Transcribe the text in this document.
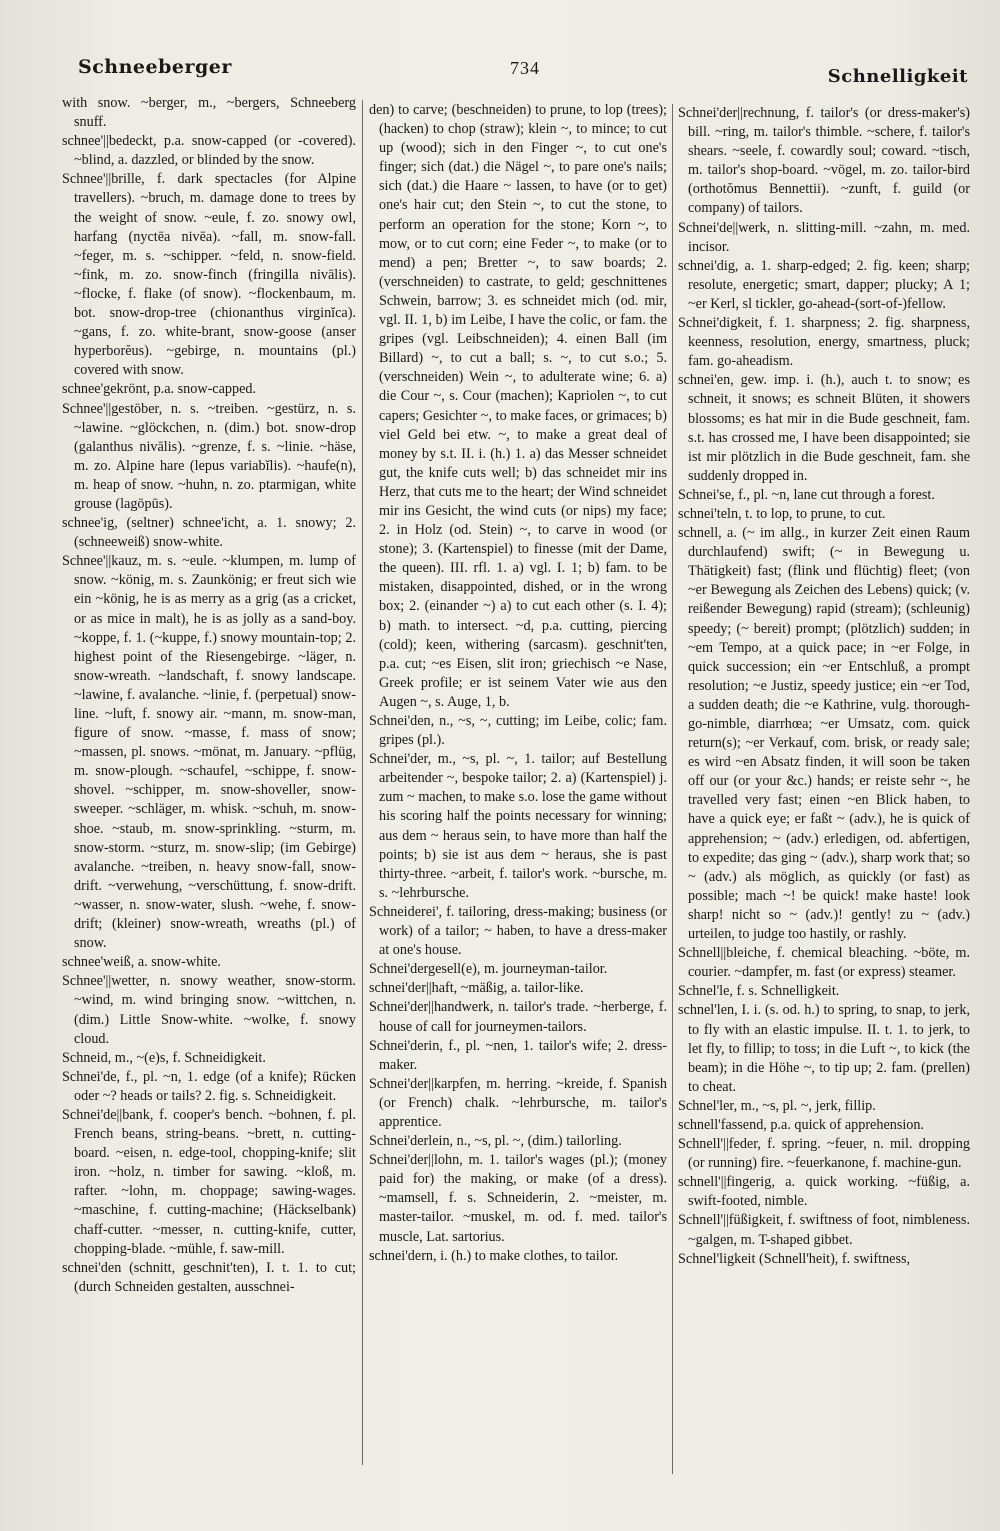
Schneeberger	734	Schnelligkeit

with snow. ~berger, m., ~bergers, Schneeberg snuff.

schnee'||bedeckt, p.a. snow-capped (or -covered). ~blind, a. dazzled, or blinded by the snow.

Schnee'||brille, f. dark spectacles (for Alpine travellers). ~bruch, m. damage done to trees by the weight of snow. ~eule, f. zo. snowy owl, harfang (nyctēa nivēa). ~fall, m. snow-fall. ~feger, m. s. ~schipper. ~feld, n. snow-field. ~fink, m. zo. snow-finch (fringilla nivālis). ~flocke, f. flake (of snow). ~flockenbaum, m. bot. snow-drop-tree (chionanthus virginĭca). ~gans, f. zo. white-brant, snow-goose (anser hyperborĕus). ~gebirge, n. mountains (pl.) covered with snow.

schnee'gekrönt, p.a. snow-capped.

Schnee'||gestöber, n. s. ~treiben. ~gestürz, n. s. ~lawine. ~glöckchen, n. (dim.) bot. snow-drop (galanthus nivālis). ~grenze, f. s. ~linie. ~häse, m. zo. Alpine hare (lepus variabĭlis). ~haufe(n), m. heap of snow. ~huhn, n. zo. ptarmigan, white grouse (lagōpūs).

schnee'ig, (seltner) schnee'icht, a. 1. snowy; 2. (schneeweiß) snow-white.

Schnee'||kauz, m. s. ~eule. ~klumpen, m. lump of snow. ~könig, m. s. Zaunkönig; er freut sich wie ein ~könig, he is as merry as a grig (as a cricket, or as mice in malt), he is as jolly as a sand-boy. ~koppe, f. 1. (~kuppe, f.) snowy mountain-top; 2. highest point of the Riesengebirge. ~läger, n. snow-wreath. ~landschaft, f. snowy landscape. ~lawine, f. avalanche. ~linie, f. (perpetual) snow-line. ~luft, f. snowy air. ~mann, m. snow-man, figure of snow. ~masse, f. mass of snow; ~massen, pl. snows. ~mönat, m. January. ~pflüg, m. snow-plough. ~schaufel, ~schippe, f. snow-shovel. ~schipper, m. snow-shoveller, snow-sweeper. ~schläger, m. whisk. ~schuh, m. snow-shoe. ~staub, m. snow-sprinkling. ~sturm, m. snow-storm. ~sturz, m. snow-slip; (im Gebirge) avalanche. ~treiben, n. heavy snow-fall, snow-drift. ~verwehung, ~verschüttung, f. snow-drift. ~wasser, n. snow-water, slush. ~wehe, f. snow-drift; (kleiner) snow-wreath, wreaths (pl.) of snow.

schnee'weiß, a. snow-white.

Schnee'||wetter, n. snowy weather, snow-storm. ~wind, m. wind bringing snow. ~wittchen, n. (dim.) Little Snow-white. ~wolke, f. snowy cloud.

Schneid, m., ~(e)s, f. Schneidigkeit.

Schnei'de, f., pl. ~n, 1. edge (of a knife); Rücken oder ~? heads or tails? 2. fig. s. Schneidigkeit.

Schnei'de||bank, f. cooper's bench. ~bohnen, f. pl. French beans, string-beans. ~brett, n. cutting-board. ~eisen, n. edge-tool, chopping-knife; slit iron. ~holz, n. timber for sawing. ~kloß, m. rafter. ~lohn, m. choppage; sawing-wages. ~maschine, f. cutting-machine; (Häckselbank) chaff-cutter. ~messer, n. cutting-knife, cutter, chopping-blade. ~mühle, f. saw-mill.

schnei'den (schnitt, geschnit'ten), I. t. 1. to cut; (durch Schneiden gestalten, ausschnei-

den) to carve; (beschneiden) to prune, to lop (trees); (hacken) to chop (straw); klein ~, to mince; to cut up (wood); sich in den Finger ~, to cut one's finger; sich (dat.) die Nägel ~, to pare one's nails; sich (dat.) die Haare ~ lassen, to have (or to get) one's hair cut; den Stein ~, to cut the stone, to perform an operation for the stone; Korn ~, to mow, or to cut corn; eine Feder ~, to make (or to mend) a pen; Bretter ~, to saw boards; 2. (verschneiden) to castrate, to geld; geschnittenes Schwein, barrow; 3. es schneidet mich (od. mir, vgl. II. 1, b) im Leibe, I have the colic, or fam. the gripes (vgl. Leibschneiden); 4. einen Ball (im Billard) ~, to cut a ball; s. ~, to cut s.o.; 5. (verschneiden) Wein ~, to adulterate wine; 6. a) die Cour ~, s. Cour (machen); Kapriolen ~, to cut capers; Gesichter ~, to make faces, or grimaces; b) viel Geld bei etw. ~, to make a great deal of money by s.t. II. i. (h.) 1. a) das Messer schneidet gut, the knife cuts well; b) das schneidet mir ins Herz, that cuts me to the heart; der Wind schneidet mir ins Gesicht, the wind cuts (or nips) my face; 2. in Holz (od. Stein) ~, to carve in wood (or stone); 3. (Kartenspiel) to finesse (mit der Dame, the queen). III. rfl. 1. a) vgl. I. 1; b) fam. to be mistaken, disappointed, dished, or in the wrong box; 2. (einander ~) a) to cut each other (s. I. 4); b) math. to intersect. ~d, p.a. cutting, piercing (cold); keen, withering (sarcasm). geschnit'ten, p.a. cut; ~es Eisen, slit iron; griechisch ~e Nase, Greek profile; er ist seinem Vater wie aus den Augen ~, s. Auge, 1, b.

Schnei'den, n., ~s, ~, cutting; im Leibe, colic; fam. gripes (pl.).

Schnei'der, m., ~s, pl. ~, 1. tailor; auf Bestellung arbeitender ~, bespoke tailor; 2. a) (Kartenspiel) j. zum ~ machen, to make s.o. lose the game without his scoring half the points necessary for winning; aus dem ~ heraus sein, to have more than half the points; b) sie ist aus dem ~ heraus, she is past thirty-three. ~arbeit, f. tailor's work. ~bursche, m. s. ~lehrbursche.

Schneiderei', f. tailoring, dress-making; business (or work) of a tailor; ~ haben, to have a dress-maker at one's house.

Schnei'dergesell(e), m. journeyman-tailor.

schnei'der||haft, ~mäßig, a. tailor-like.

Schnei'der||handwerk, n. tailor's trade. ~herberge, f. house of call for journeymen-tailors.

Schnei'derin, f., pl. ~nen, 1. tailor's wife; 2. dress-maker.

Schnei'der||karpfen, m. herring. ~kreide, f. Spanish (or French) chalk. ~lehrbursche, m. tailor's apprentice.

Schnei'derlein, n., ~s, pl. ~, (dim.) tailorling.

Schnei'der||lohn, m. 1. tailor's wages (pl.); (money paid for) the making, or make (of a dress). ~mamsell, f. s. Schneiderin, 2. ~meister, m. master-tailor. ~muskel, m. od. f. med. tailor's muscle, Lat. sartorius.

schnei'dern, i. (h.) to make clothes, to tailor.

Schnei'der||rechnung, f. tailor's (or dress-maker's) bill. ~ring, m. tailor's thimble. ~schere, f. tailor's shears. ~seele, f. cowardly soul; coward. ~tisch, m. tailor's shop-board. ~vögel, m. zo. tailor-bird (orthotŏmus Bennettii). ~zunft, f. guild (or company) of tailors.

Schnei'de||werk, n. slitting-mill. ~zahn, m. med. incisor.

schnei'dig, a. 1. sharp-edged; 2. fig. keen; sharp; resolute, energetic; smart, dapper; plucky; A 1; ~er Kerl, sl tickler, go-ahead-(sort-of-)fellow.

Schnei'digkeit, f. 1. sharpness; 2. fig. sharpness, keenness, resolution, energy, smartness, pluck; fam. go-aheadism.

schnei'en, gew. imp. i. (h.), auch t. to snow; es schneit, it snows; es schneit Blüten, it showers blossoms; es hat mir in die Bude geschneit, fam. s.t. has crossed me, I have been disappointed; sie ist mir plötzlich in die Bude geschneit, fam. she suddenly dropped in.

Schnei'se, f., pl. ~n, lane cut through a forest.

schnei'teln, t. to lop, to prune, to cut.

schnell, a. (~ im allg., in kurzer Zeit einen Raum durchlaufend) swift; (~ in Bewegung u. Thätigkeit) fast; (flink und flüchtig) fleet; (von ~er Bewegung als Zeichen des Lebens) quick; (v. reißender Bewegung) rapid (stream); (schleunig) speedy; (~ bereit) prompt; (plötzlich) sudden; in ~em Tempo, at a quick pace; in ~er Folge, in quick succession; ein ~er Entschluß, a prompt resolution; ~e Justiz, speedy justice; ein ~er Tod, a sudden death; die ~e Kathrine, vulg. thorough-go-nimble, diarrhœa; ~er Umsatz, com. quick return(s); ~er Verkauf, com. brisk, or ready sale; es wird ~en Absatz finden, it will soon be taken off our (or your &c.) hands; er reiste sehr ~, he travelled very fast; einen ~en Blick haben, to have a quick eye; er faßt ~ (adv.), he is quick of apprehension; ~ (adv.) erledigen, od. abfertigen, to expedite; das ging ~ (adv.), sharp work that; so ~ (adv.) als möglich, as quickly (or fast) as possible; mach ~! be quick! make haste! look sharp! nicht so ~ (adv.)! gently! zu ~ (adv.) urteilen, to judge too hastily, or rashly.

Schnell||bleiche, f. chemical bleaching. ~böte, m. courier. ~dampfer, m. fast (or express) steamer.

Schnel'le, f. s. Schnelligkeit.

schnel'len, I. i. (s. od. h.) to spring, to snap, to jerk, to fly with an elastic impulse. II. t. 1. to jerk, to let fly, to fillip; to toss; in die Luft ~, to kick (the beam); in die Höhe ~, to tip up; 2. fam. (prellen) to cheat.

Schnel'ler, m., ~s, pl. ~, jerk, fillip.

schnell'fassend, p.a. quick of apprehension.

Schnell'||feder, f. spring. ~feuer, n. mil. dropping (or running) fire. ~feuerkanone, f. machine-gun.

schnell'||fingerig, a. quick working. ~füßig, a. swift-footed, nimble.

Schnell'||füßigkeit, f. swiftness of foot, nimbleness. ~galgen, m. T-shaped gibbet.

Schnel'ligkeit (Schnell'heit), f. swiftness,
